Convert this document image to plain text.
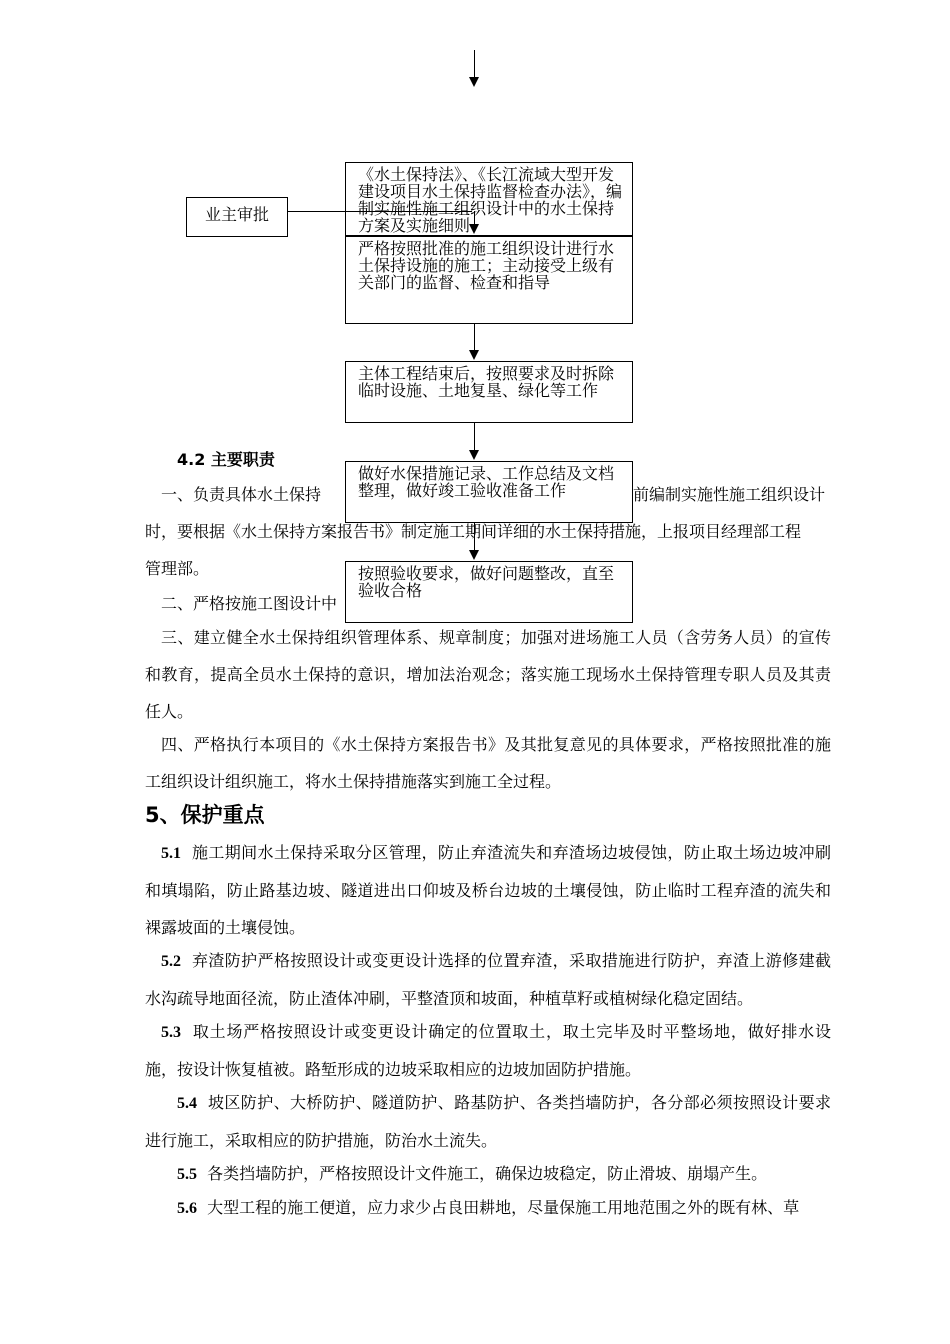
业主审批
《水土保持法》、《长江流域大型开发建设项目水土保持监督检查办法》，编制实施性施工组织设计中的水土保持方案及实施细则
严格按照批准的施工组织设计进行水土保持设施的施工；主动接受上级有关部门的监督、检查和指导
主体工程结束后，按照要求及时拆除临时设施、土地复垦、绿化等工作
做好水保措施记录、工作总结及文档整理，做好竣工验收准备工作
按照验收要求，做好问题整改，直至验收合格
4.2 主要职责
一、负责具体水土保持	前编制实施性施工组织设计
时，要根据《水土保持方案报告书》制定施工期间详细的水土保持措施，上报项目经理部工程
管理部。
二、严格按施工图设计中
三、建立健全水土保持组织管理体系、规章制度；加强对进场施工人员（含劳务人员）的宣传和教育，提高全员水土保持的意识，增加法治观念；落实施工现场水土保持管理专职人员及其责任人。
四、严格执行本项目的《水土保持方案报告书》及其批复意见的具体要求，严格按照批准的施工组织设计组织施工，将水土保持措施落实到施工全过程。
5、保护重点
5.1 施工期间水土保持采取分区管理，防止弃渣流失和弃渣场边坡侵蚀，防止取土场边坡冲刷和填塌陷，防止路基边坡、隧道进出口仰坡及桥台边坡的土壤侵蚀，防止临时工程弃渣的流失和裸露坡面的土壤侵蚀。
5.2 弃渣防护严格按照设计或变更设计选择的位置弃渣，采取措施进行防护，弃渣上游修建截水沟疏导地面径流，防止渣体冲刷，平整渣顶和坡面，种植草籽或植树绿化稳定固结。
5.3 取土场严格按照设计或变更设计确定的位置取土，取土完毕及时平整场地，做好排水设施，按设计恢复植被。路堑形成的边坡采取相应的边坡加固防护措施。
5.4 坡区防护、大桥防护、隧道防护、路基防护、各类挡墙防护，各分部必须按照设计要求进行施工，采取相应的防护措施，防治水土流失。
5.5 各类挡墙防护，严格按照设计文件施工，确保边坡稳定，防止滑坡、崩塌产生。
5.6 大型工程的施工便道，应力求少占良田耕地，尽量保施工用地范围之外的既有林、草
